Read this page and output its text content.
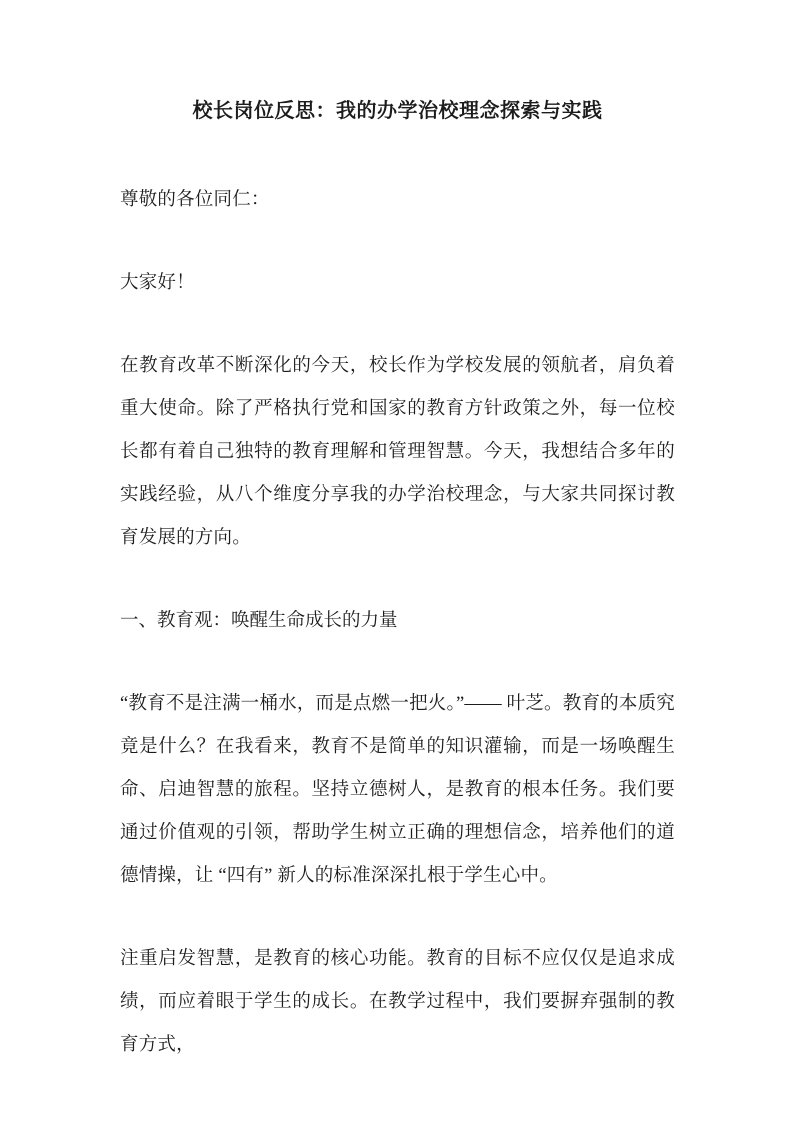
校长岗位反思：我的办学治校理念探索与实践

尊敬的各位同仁：

大家好！

在教育改革不断深化的今天，校长作为学校发展的领航者，肩负着重大使命。除了严格执行党和国家的教育方针政策之外，每一位校长都有着自己独特的教育理解和管理智慧。今天，我想结合多年的实践经验，从八个维度分享我的办学治校理念，与大家共同探讨教育发展的方向。

一、教育观：唤醒生命成长的力量

“教育不是注满一桶水，而是点燃一把火。”—— 叶芝。教育的本质究竟是什么？在我看来，教育不是简单的知识灌输，而是一场唤醒生命、启迪智慧的旅程。坚持立德树人，是教育的根本任务。我们要通过价值观的引领，帮助学生树立正确的理想信念，培养他们的道德情操，让 “四有” 新人的标准深深扎根于学生心中。

注重启发智慧，是教育的核心功能。教育的目标不应仅仅是追求成绩，而应着眼于学生的成长。在教学过程中，我们要摒弃强制的教育方式，
